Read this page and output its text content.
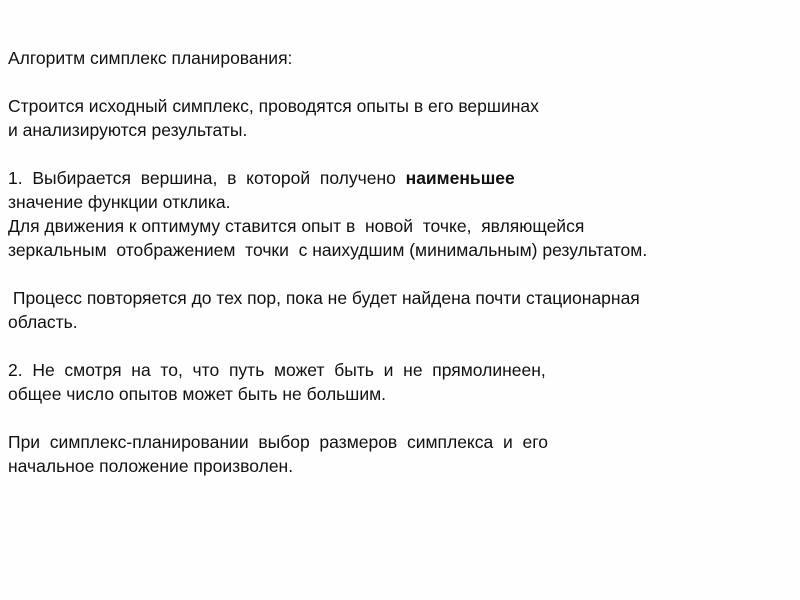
Алгоритм симплекс планирования:

Строится исходный симплекс, проводятся опыты в его вершинах
и анализируются результаты.

1.  Выбирается  вершина,  в  которой  получено  наименьшее
значение функции отклика.
Для движения к оптимуму ставится опыт в  новой  точке,  являющейся
зеркальным  отображением  точки  с наихудшим (минимальным) результатом.

Процесс повторяется до тех пор, пока не будет найдена почти стационарная
область.

2.  Не  смотря  на  то,  что  путь  может  быть  и  не  прямолинеен,
общее число опытов может быть не большим.

При  симплекс-планировании  выбор  размеров  симплекса  и  его
начальное положение произволен.
